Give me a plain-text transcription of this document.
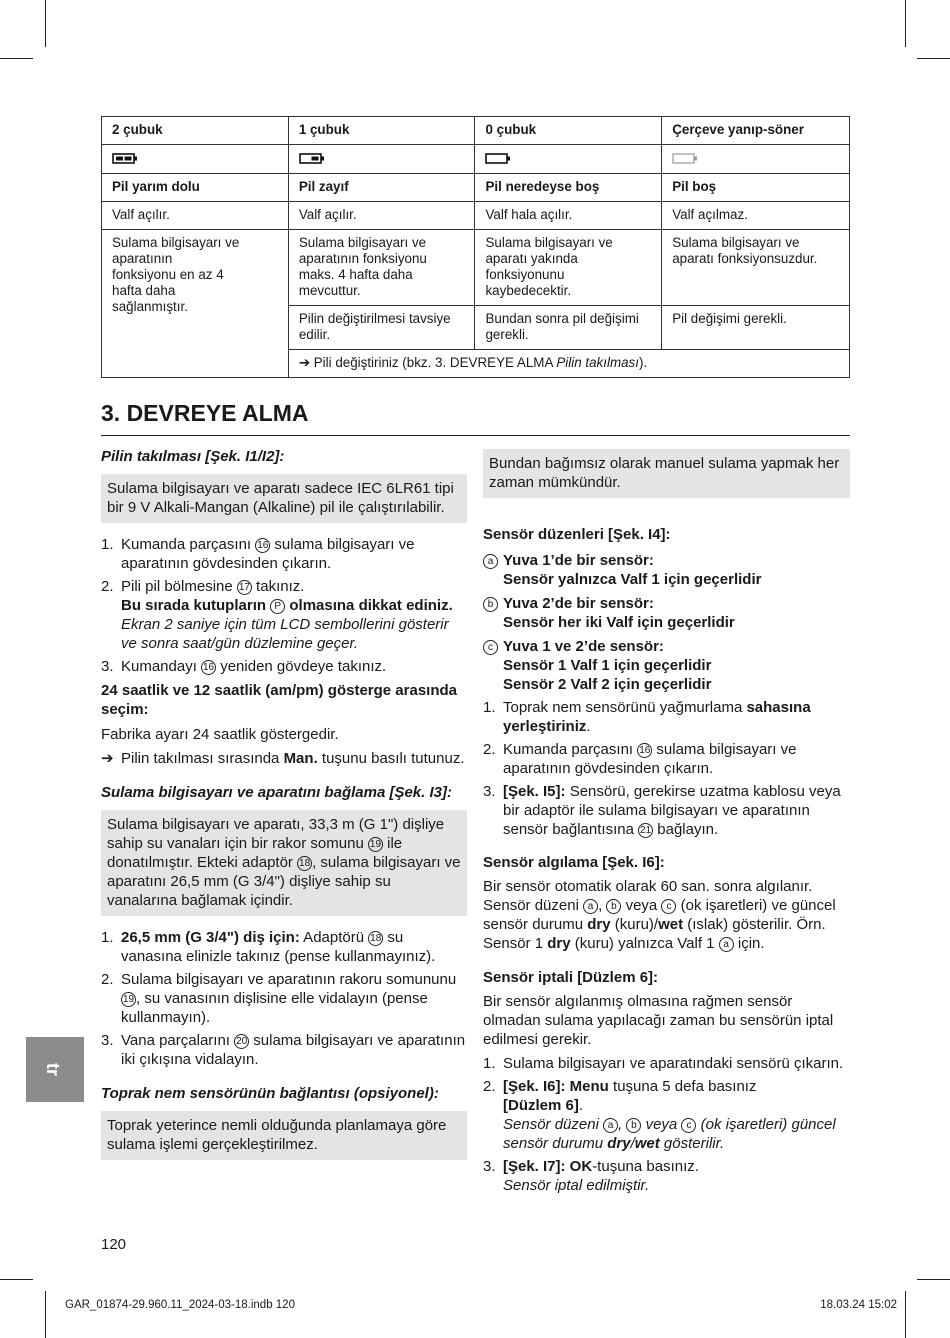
2 çubuk	1 çubuk	0 çubuk	Çerçeve yanıp-söner

Pil yarım dolu	Pil zayıf	Pil neredeyse boş	Pil boş
Valf açılır.	Valf açılır.	Valf hala açılır.	Valf açılmaz.
Sulama bilgisayarı ve aparatının fonksiyonu en az 4 hafta daha sağlanmıştır.	Sulama bilgisayarı ve aparatının fonksiyonu maks. 4 hafta daha mevcuttur.	Sulama bilgisayarı ve aparatı yakında fonksiyonunu kaybedecektir.	Sulama bilgisayarı ve aparatı fonksiyonsuzdur.
	Pilin değiştirilmesi tavsiye edilir.	Bundan sonra pil değişimi gerekli.	Pil değişimi gerekli.
	➔ Pili değiştiriniz (bkz. 3. DEVREYE ALMA Pilin takılması).		
3. DEVREYE ALMA

Pilin takılması [Şek. I1/I2]:

Sulama bilgisayarı ve aparatı sadece IEC 6LR61 tipi bir 9 V Alkali-Mangan (Alkaline) pil ile çalıştırılabilir.

1. Kumanda parçasını 16 sulama bilgisayarı ve aparatının gövdesinden çıkarın.
2. Pili pil bölmesine 17 takınız.
Bu sırada kutupların P olmasına dikkat ediniz.
Ekran 2 saniye için tüm LCD sembollerini gösterir ve sonra saat/gün düzlemine geçer.
3. Kumandayı 16 yeniden gövdeye takınız.

24 saatlik ve 12 saatlik (am/pm) gösterge arasında seçim:

Fabrika ayarı 24 saatlik göstergedir.

➔ Pilin takılması sırasında Man. tuşunu basılı tutunuz.

Sulama bilgisayarı ve aparatını bağlama [Şek. I3]:

Sulama bilgisayarı ve aparatı, 33,3 m (G 1") dişliye sahip su vanaları için bir rakor somunu 19 ile donatılmıştır. Ekteki adaptör 18 , sulama bilgisayarı ve aparatını 26,5 mm (G 3/4") dişliye sahip su vanalarına bağlamak içindir.

1. 26,5 mm (G 3/4") diş için: Adaptörü 18 su vanasına elinizle takınız (pense kullanmayınız).
2. Sulama bilgisayarı ve aparatının rakoru somununu 19 , su vanasının dişlisine elle vidalayın (pense kullanmayın).
3. Vana parçalarını 20 sulama bilgisayarı ve aparatının iki çıkışına vidalayın.

Toprak nem sensörünün bağlantısı (opsiyonel):

Toprak yeterince nemli olduğunda planlamaya göre sulama işlemi gerçekleştirilmez.

Bundan bağımsız olarak manuel sulama yapmak her zaman mümkündür.

Sensör düzenleri [Şek. I4]:

a Yuva 1’de bir sensör:
Sensör yalnızca Valf 1 için geçerlidir
b Yuva 2’de bir sensör:
Sensör her iki Valf için geçerlidir
c Yuva 1 ve 2’de sensör:
Sensör 1 Valf 1 için geçerlidir
Sensör 2 Valf 2 için geçerlidir
1. Toprak nem sensörünü yağmurlama sahasına yerleştiriniz.
2. Kumanda parçasını 16 sulama bilgisayarı ve aparatının gövdesinden çıkarın.
3. [Şek. I5]: Sensörü, gerekirse uzatma kablosu veya bir adaptör ile sulama bilgisayarı ve aparatının sensör bağlantısına 21 bağlayın.

Sensör algılama [Şek. I6]:

Bir sensör otomatik olarak 60 san. sonra algılanır. Sensör düzeni a , b veya c (ok işaretleri) ve güncel sensör durumu dry (kuru)/wet (ıslak) gösterilir. Örn. Sensör 1 dry (kuru) yalnızca Valf 1 a için.

Sensör iptali [Düzlem 6]:

Bir sensör algılanmış olmasına rağmen sensör olmadan sulama yapılacağı zaman bu sensörün iptal edilmesi gerekir.

1. Sulama bilgisayarı ve aparatındaki sensörü çıkarın.
2. [Şek. I6]: Menu tuşuna 5 defa basınız
[Düzlem 6].
Sensör düzeni a , b veya c (ok işaretleri) güncel sensör durumu dry/wet gösterilir.
3. [Şek. I7]: OK-tuşuna basınız.
Sensör iptal edilmiştir.
tr
120
GAR_01874-29.960.11_2024-03-18.indb 120	18.03.24 15:02
